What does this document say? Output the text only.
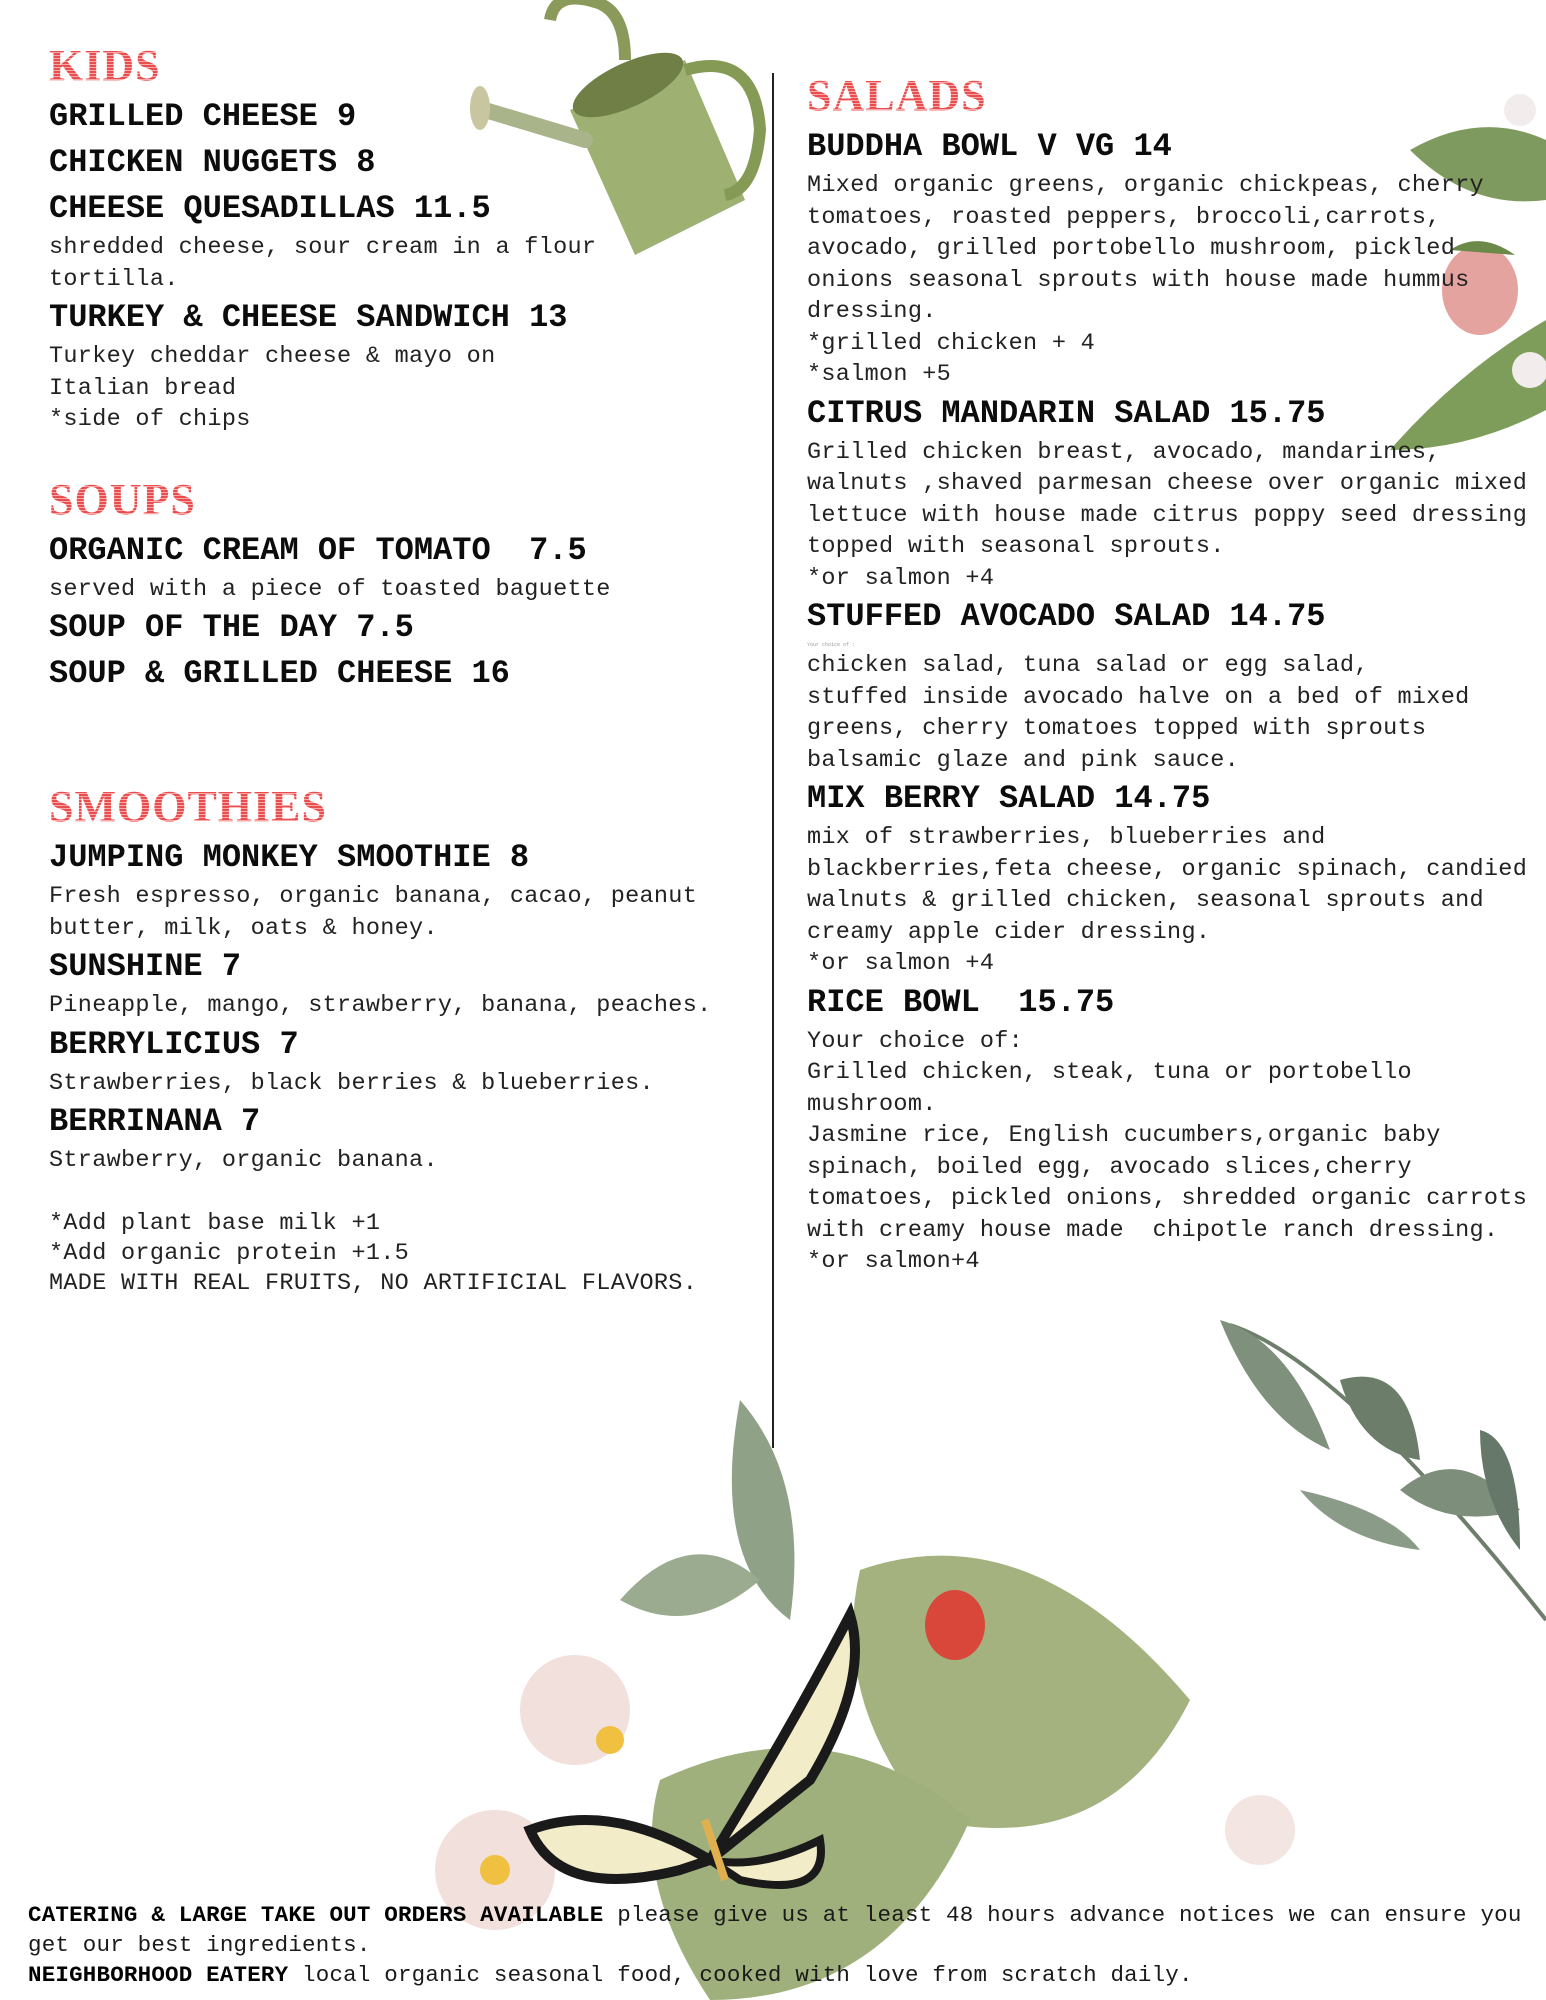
KIDS
GRILLED CHEESE 9
CHICKEN NUGGETS 8
CHEESE QUESADILLAS 11.5
shredded cheese, sour cream in a flour
tortilla.
TURKEY & CHEESE SANDWICH 13
Turkey cheddar cheese & mayo on
Italian bread
*side of chips
SOUPS
ORGANIC CREAM OF TOMATO  7.5
served with a piece of toasted baguette
SOUP OF THE DAY 7.5
SOUP & GRILLED CHEESE 16
SMOOTHIES
JUMPING MONKEY SMOOTHIE 8
Fresh espresso, organic banana, cacao, peanut
butter, milk, oats & honey.
SUNSHINE 7
Pineapple, mango, strawberry, banana, peaches.
BERRYLICIUS 7
Strawberries, black berries & blueberries.
BERRINANA 7
Strawberry, organic banana.
*Add plant base milk +1
*Add organic protein +1.5
MADE WITH REAL FRUITS, NO ARTIFICIAL FLAVORS.
SALADS
BUDDHA BOWL V VG 14
Mixed organic greens, organic chickpeas, cherry
tomatoes, roasted peppers, broccoli,carrots,
avocado, grilled portobello mushroom, pickled
onions seasonal sprouts with house made hummus
dressing.
*grilled chicken + 4
*salmon +5
CITRUS MANDARIN SALAD 15.75
Grilled chicken breast, avocado, mandarines,
walnuts ,shaved parmesan cheese over organic mixed
lettuce with house made citrus poppy seed dressing
topped with seasonal sprouts.
*or salmon +4
STUFFED AVOCADO SALAD 14.75
Your choice of :
chicken salad, tuna salad or egg salad,
stuffed inside avocado halve on a bed of mixed
greens, cherry tomatoes topped with sprouts
balsamic glaze and pink sauce.
MIX BERRY SALAD 14.75
mix of strawberries, blueberries and
blackberries,feta cheese, organic spinach, candied
walnuts & grilled chicken, seasonal sprouts and
creamy apple cider dressing.
*or salmon +4
RICE BOWL  15.75
Your choice of:
Grilled chicken, steak, tuna or portobello
mushroom.
Jasmine rice, English cucumbers,organic baby
spinach, boiled egg, avocado slices,cherry
tomatoes, pickled onions, shredded organic carrots
with creamy house made  chipotle ranch dressing.
*or salmon+4
CATERING & LARGE TAKE OUT ORDERS AVAILABLE please give us at least 48 hours advance notices we can ensure you get our best ingredients.
NEIGHBORHOOD EATERY local organic seasonal food, cooked with love from scratch daily.
